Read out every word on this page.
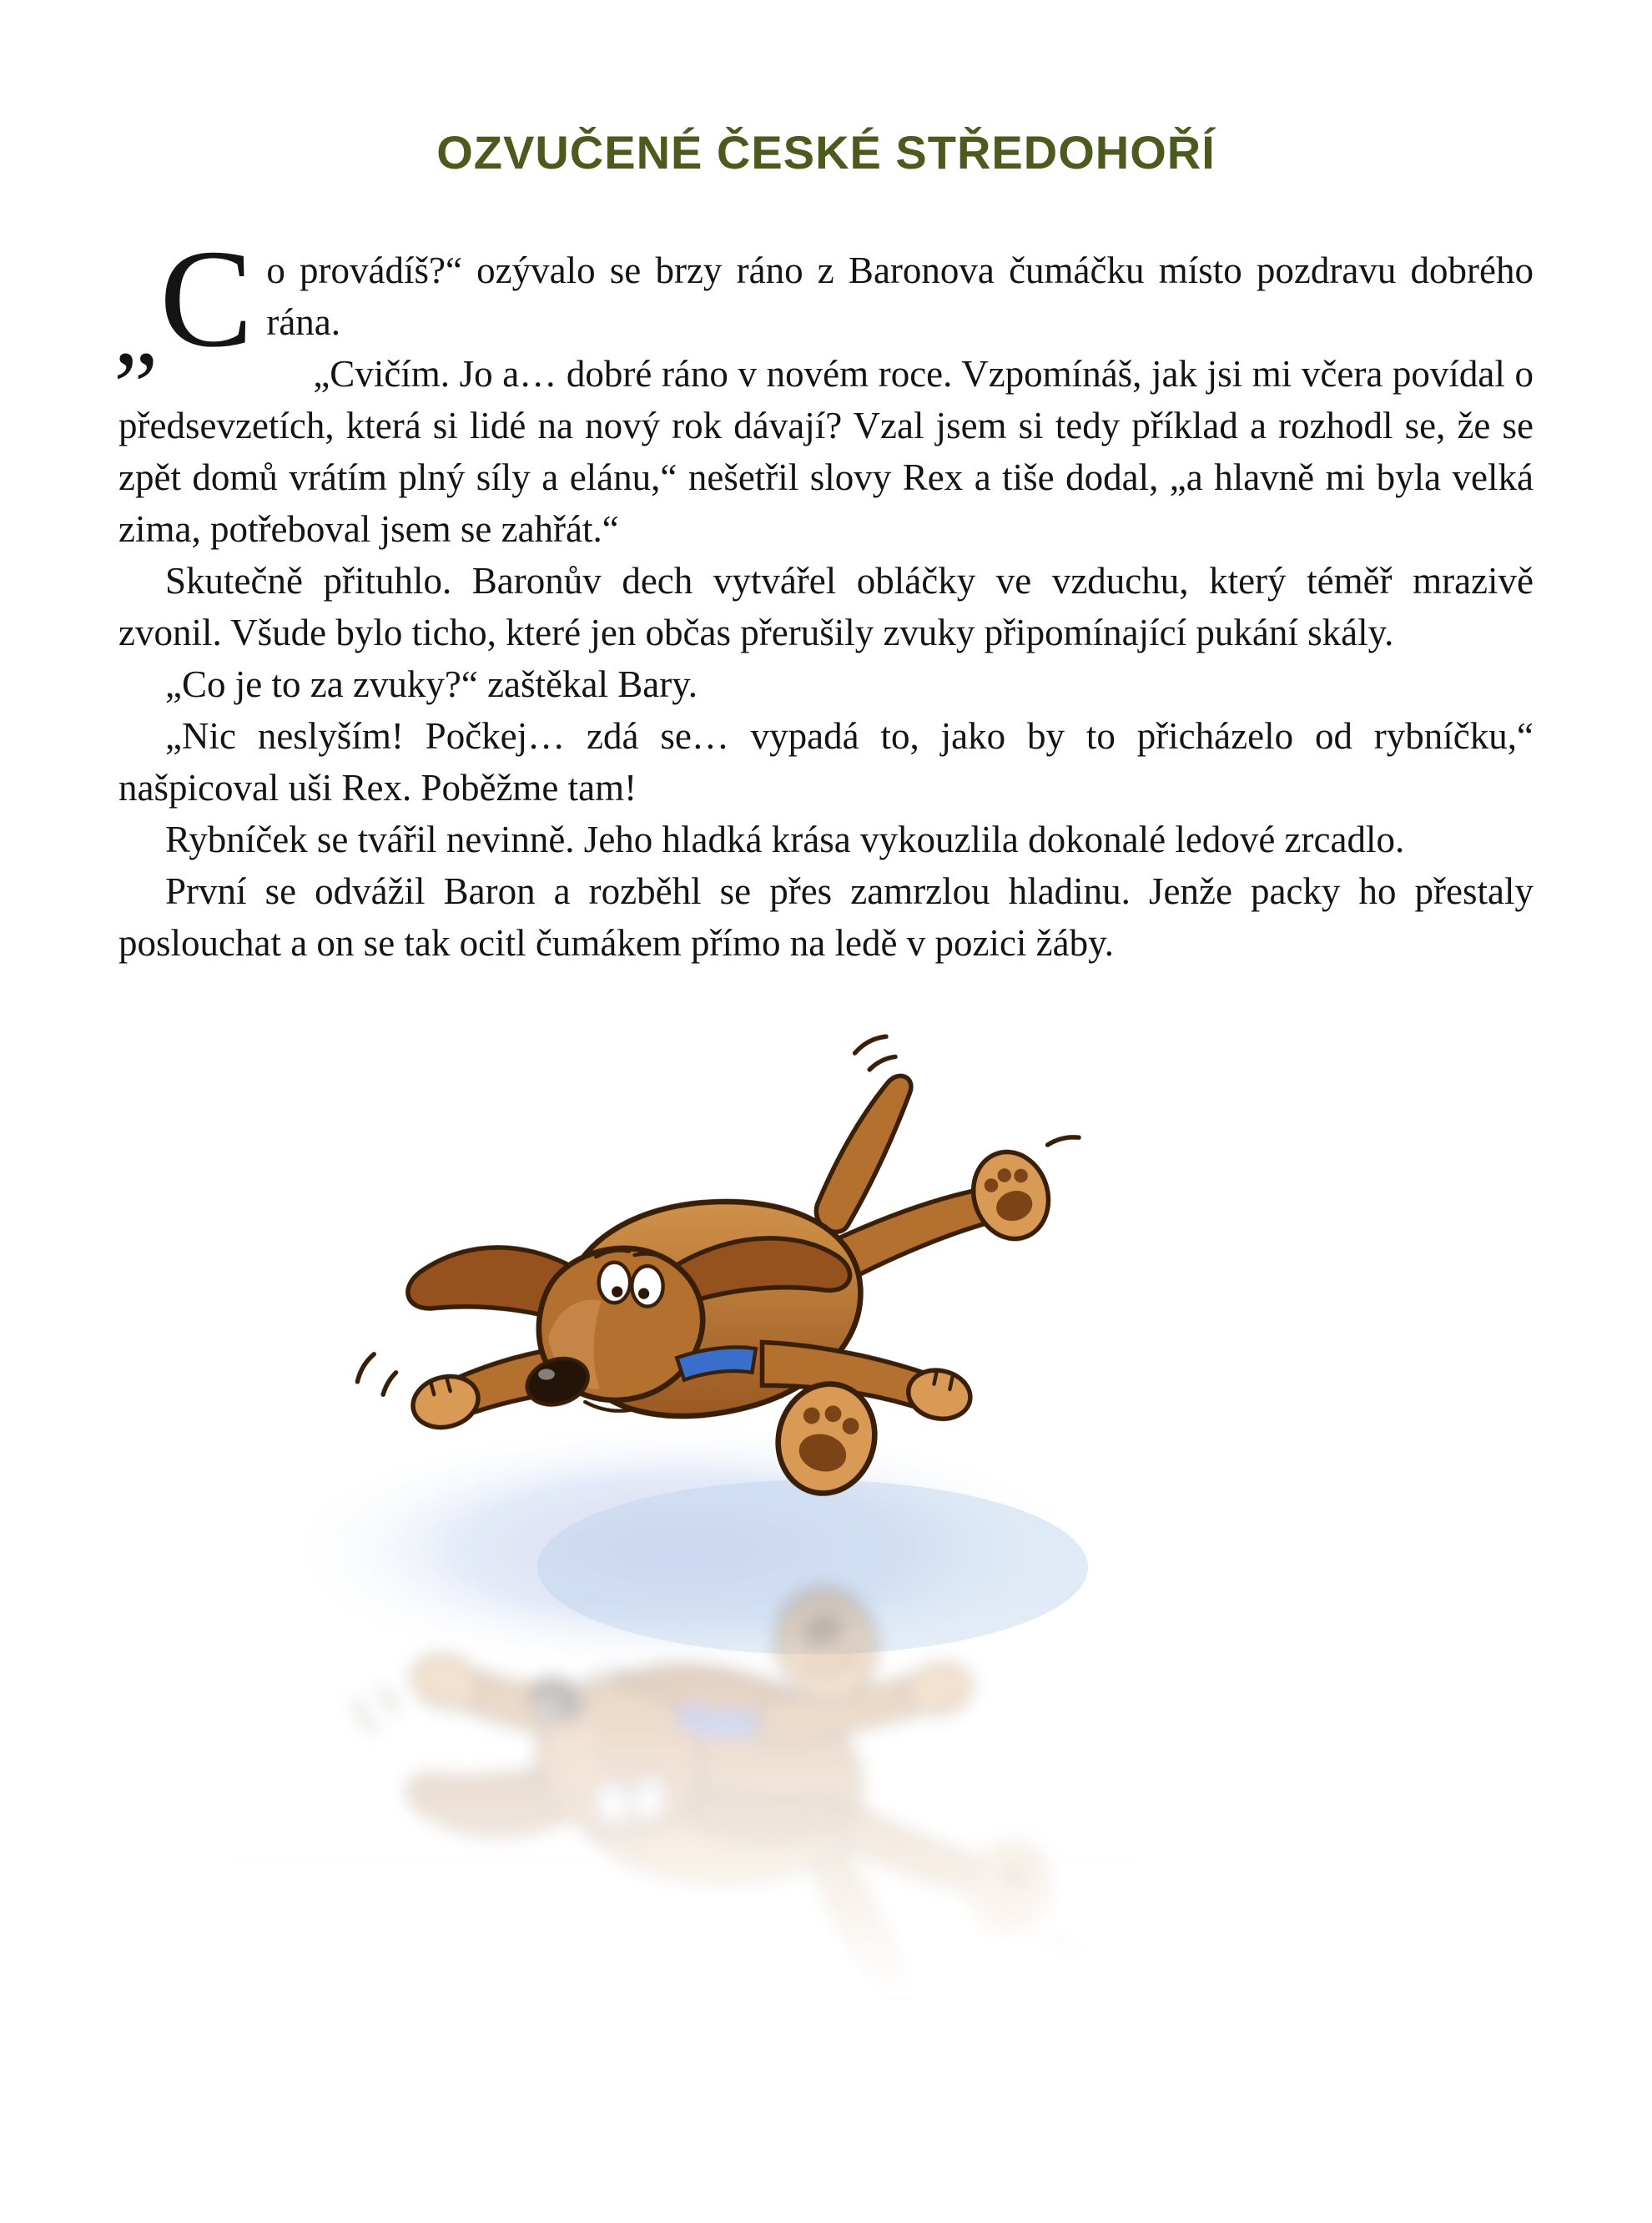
OZVUČENÉ ČESKÉ STŘEDOHOŘÍ

„ C o provádíš?“ ozývalo se brzy ráno z Baronova čumáčku místo pozdravu dobrého rána.

„Cvičím. Jo a… dobré ráno v novém roce. Vzpomínáš, jak jsi mi včera povídal o předsevzetích, která si lidé na nový rok dávají? Vzal jsem si tedy příklad a rozhodl se, že se zpět domů vrátím plný síly a elánu,“ nešetřil slovy Rex a tiše dodal, „a hlavně mi byla velká zima, potřeboval jsem se zahřát.“

Skutečně přituhlo. Baronův dech vytvářel obláčky ve vzduchu, který téměř mrazivě zvonil. Všude bylo ticho, které jen občas přerušily zvuky připomínající pukání skály.

„Co je to za zvuky?“ zaštěkal Bary.

„Nic neslyším! Počkej… zdá se… vypadá to, jako by to přicházelo od rybníčku,“ našpicoval uši Rex. Poběžme tam!

Rybníček se tvářil nevinně. Jeho hladká krása vykouzlila dokonalé ledové zrcadlo.

První se odvážil Baron a rozběhl se přes zamrzlou hladinu. Jenže packy ho přestaly poslouchat a on se tak ocitl čumákem přímo na ledě v pozici žáby.
